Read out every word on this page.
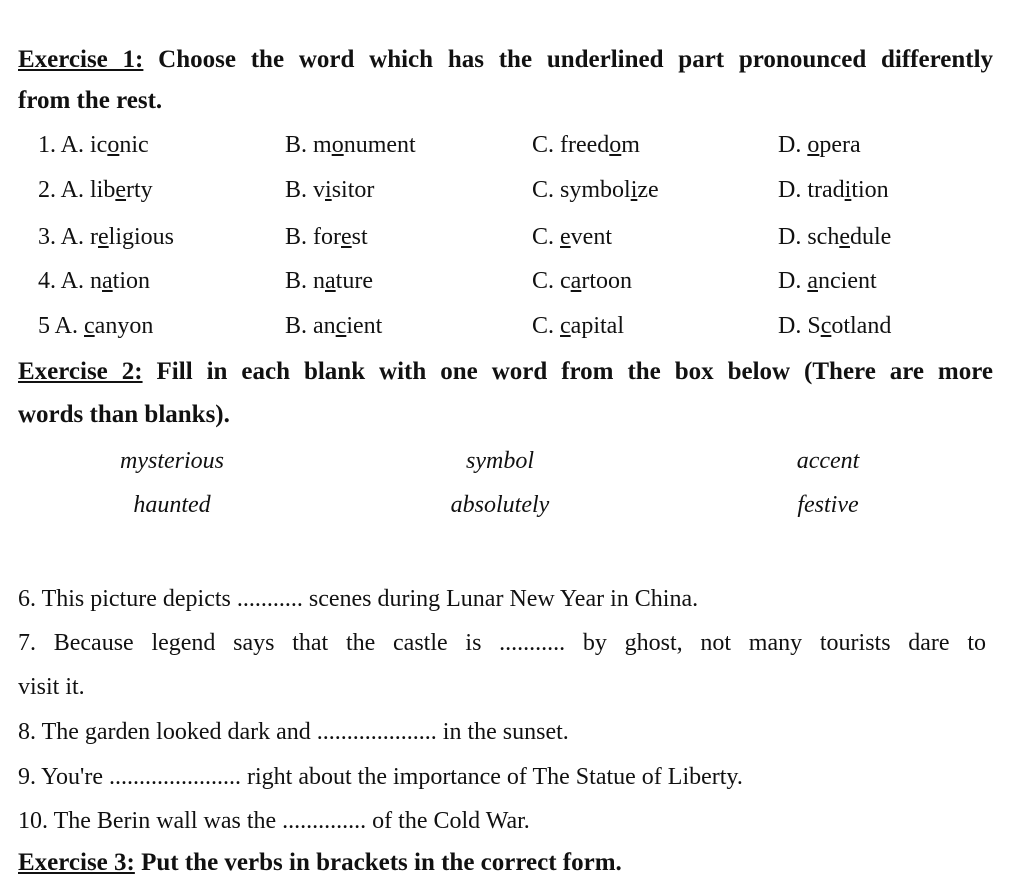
Exercise 1: Choose the word which has the underlined part pronounced differently
from the rest.
1. A. iconic	B. monument	C. freedom	D. opera
2. A. liberty	B. visitor	C. symbolize	D. tradition
3. A. religious	B. forest	C. event	D. schedule
4. A. nation	B. nature	C. cartoon	D. ancient
5 A. canyon	B. ancient	C. capital	D. Scotland
Exercise 2: Fill in each blank with one word from the box below (There are more
words than blanks).
mysterious	symbol	accent
haunted	absolutely	festive
6. This picture depicts ........... scenes during Lunar New Year in China.
7. Because legend says that the castle is ........... by ghost, not many tourists dare to
visit it.
8. The garden looked dark and .................... in the sunset.
9. You're ...................... right about the importance of The Statue of Liberty.
10. The Berin wall was the .............. of the Cold War.
Exercise 3: Put the verbs in brackets in the correct form.
